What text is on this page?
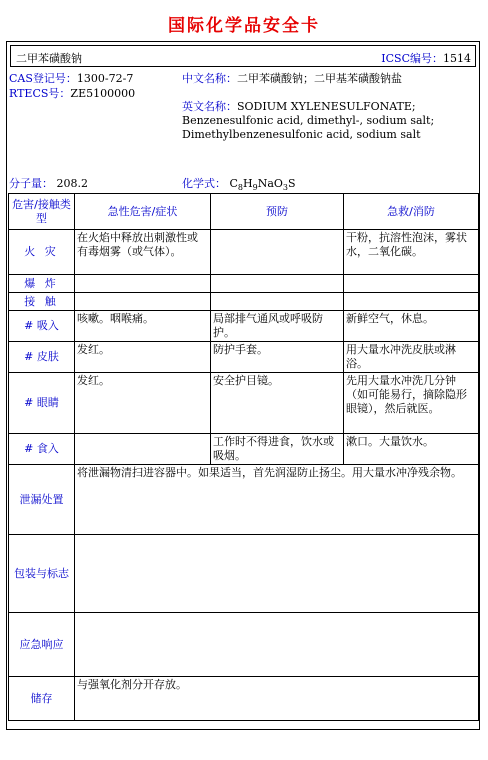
国际化学品安全卡
二甲苯磺酸钠	ICSC编号：1514
CAS登记号：1300-72-7
RTECS号：ZE5100000
中文名称：二甲苯磺酸钠；二甲基苯磺酸钠盐
英文名称：SODIUM XYLENESULFONATE;
Benzenesulfonic acid, dimethyl-, sodium salt;
Dimethylbenzenesulfonic acid, sodium salt
分子量： 208.2	化学式： $C_8H_9NaO_3S$
危害/接触类型	急性危害/症状	预防	急救/消防
火 灾	在火焰中释放出刺激性或有毒烟雾（或气体）。		干粉，抗溶性泡沫，雾状水，二氧化碳。
爆 炸			
接 触			
# 吸入	咳嗽。咽喉痛。	局部排气通风或呼吸防护。	新鲜空气，休息。
# 皮肤	发红。	防护手套。	用大量水冲洗皮肤或淋浴。
# 眼睛	发红。	安全护目镜。	先用大量水冲洗几分钟（如可能易行，摘除隐形眼镜），然后就医。
# 食入		工作时不得进食，饮水或吸烟。	漱口。大量饮水。
泄漏处置	将泄漏物清扫进容器中。如果适当，首先润湿防止扬尘。用大量水冲净残余物。		
包装与标志			
应急响应			
储存	与强氧化剂分开存放。		
